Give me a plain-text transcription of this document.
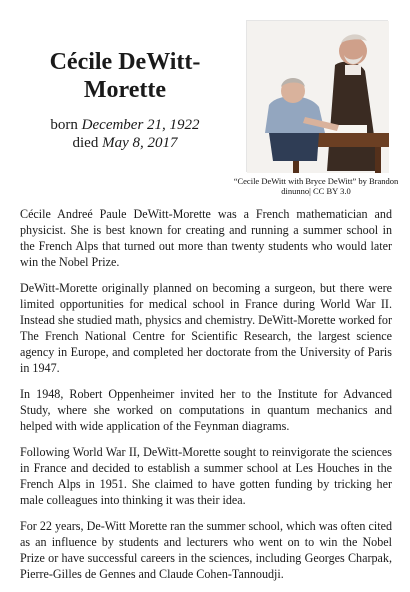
Cécile DeWitt-Morette
born December 21, 1922
died May 8, 2017
“Cecile DeWitt with Bryce DeWitt” by Brandon dinunno| CC BY 3.0

Cécile Andreé Paule DeWitt-Morette was a French mathematician and physicist. She is best known for creating and running a summer school in the French Alps that turned out more than twenty students who would later win the Nobel Prize.

DeWitt-Morette originally planned on becoming a surgeon, but there were limited opportunities for medical school in France during World War II. Instead she studied math, physics and chemistry. DeWitt-Morette worked for The French National Centre for Scientific Research, the largest science agency in Europe, and completed her doctorate from the University of Paris in 1947.

In 1948, Robert Oppenheimer invited her to the Institute for Advanced Study, where she worked on computations in quantum mechanics and helped with wide application of the Feynman diagrams.

Following World War II, DeWitt-Morette sought to reinvigorate the sciences in France and decided to establish a summer school at Les Houches in the French Alps in 1951. She claimed to have gotten funding by tricking her male colleagues into thinking it was their idea.

For 22 years, De-Witt Morette ran the summer school, which was often cited as an influence by students and lecturers who went on to win the Nobel Prize or have successful careers in the sciences, including Georges Charpak, Pierre-Gilles de Gennes and Claude Cohen-Tannoudji.
